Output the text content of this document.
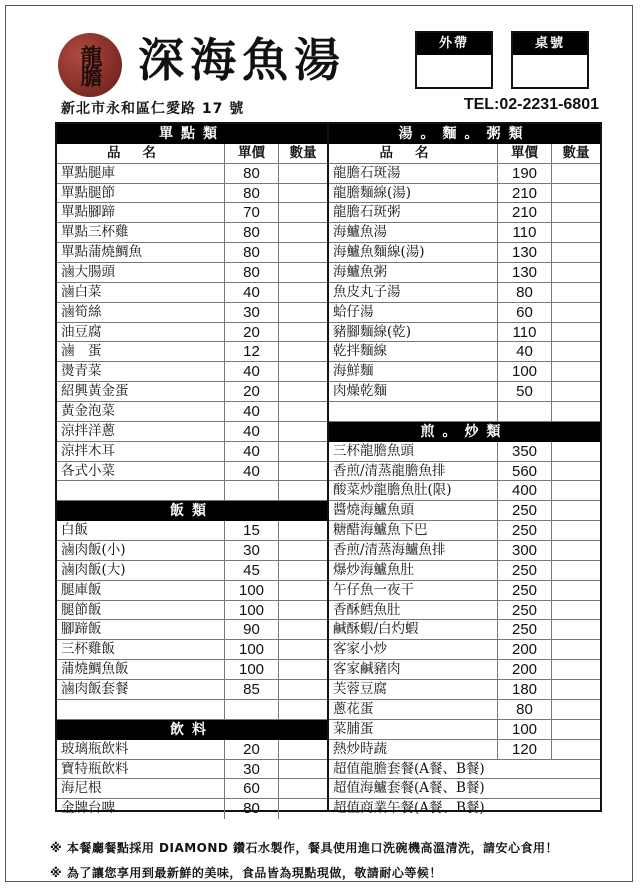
龍膽 深海魚湯	外帶	桌號
新北市永和區仁愛路 17 號	TEL:02-2231-6801
單點類
品名	單價	數量
單點腿庫	80
單點腿節	80
單點腳蹄	70
單點三杯雞	80
單點蒲燒鯛魚	80
滷大腸頭	80
滷白菜	40
滷筍絲	30
油豆腐	20
滷　蛋	12
燙青菜	40
紹興黃金蛋	20
黃金泡菜	40
涼拌洋蔥	40
涼拌木耳	40
各式小菜	40
飯類
白飯	15
滷肉飯(小)	30
滷肉飯(大)	45
腿庫飯	100
腿節飯	100
腳蹄飯	90
三杯雞飯	100
蒲燒鯛魚飯	100
滷肉飯套餐	85
飲料
玻璃瓶飲料	20
寶特瓶飲料	30
海尼根	60
金牌台啤	80
湯。麵。粥類
品名	單價	數量
龍膽石斑湯	190
龍膽麵線(湯)	210
龍膽石斑粥	210
海鱸魚湯	110
海鱸魚麵線(湯)	130
海鱸魚粥	130
魚皮丸子湯	80
蛤仔湯	60
豬腳麵線(乾)	110
乾拌麵線	40
海鮮麵	100
肉燥乾麵	50
煎。炒類
三杯龍膽魚頭	350
香煎/清蒸龍膽魚排	560
酸菜炒龍膽魚肚(限)	400
醬燒海鱸魚頭	250
糖醋海鱸魚下巴	250
香煎/清蒸海鱸魚排	300
爆炒海鱸魚肚	250
午仔魚一夜干	250
香酥鱈魚肚	250
鹹酥蝦/白灼蝦	250
客家小炒	200
客家鹹豬肉	200
芙蓉豆腐	180
蔥花蛋	80
菜脯蛋	100
熱炒時蔬	120
超值龍膽套餐(A餐、B餐)
超值海鱸套餐(A餐、B餐)
超值商業午餐(A餐、B餐)
※ 本餐廳餐點採用 DIAMOND 鑽石水製作，餐具使用進口洗碗機高溫清洗，請安心食用！
※ 為了讓您享用到最新鮮的美味，食品皆為現點現做，敬請耐心等候！
